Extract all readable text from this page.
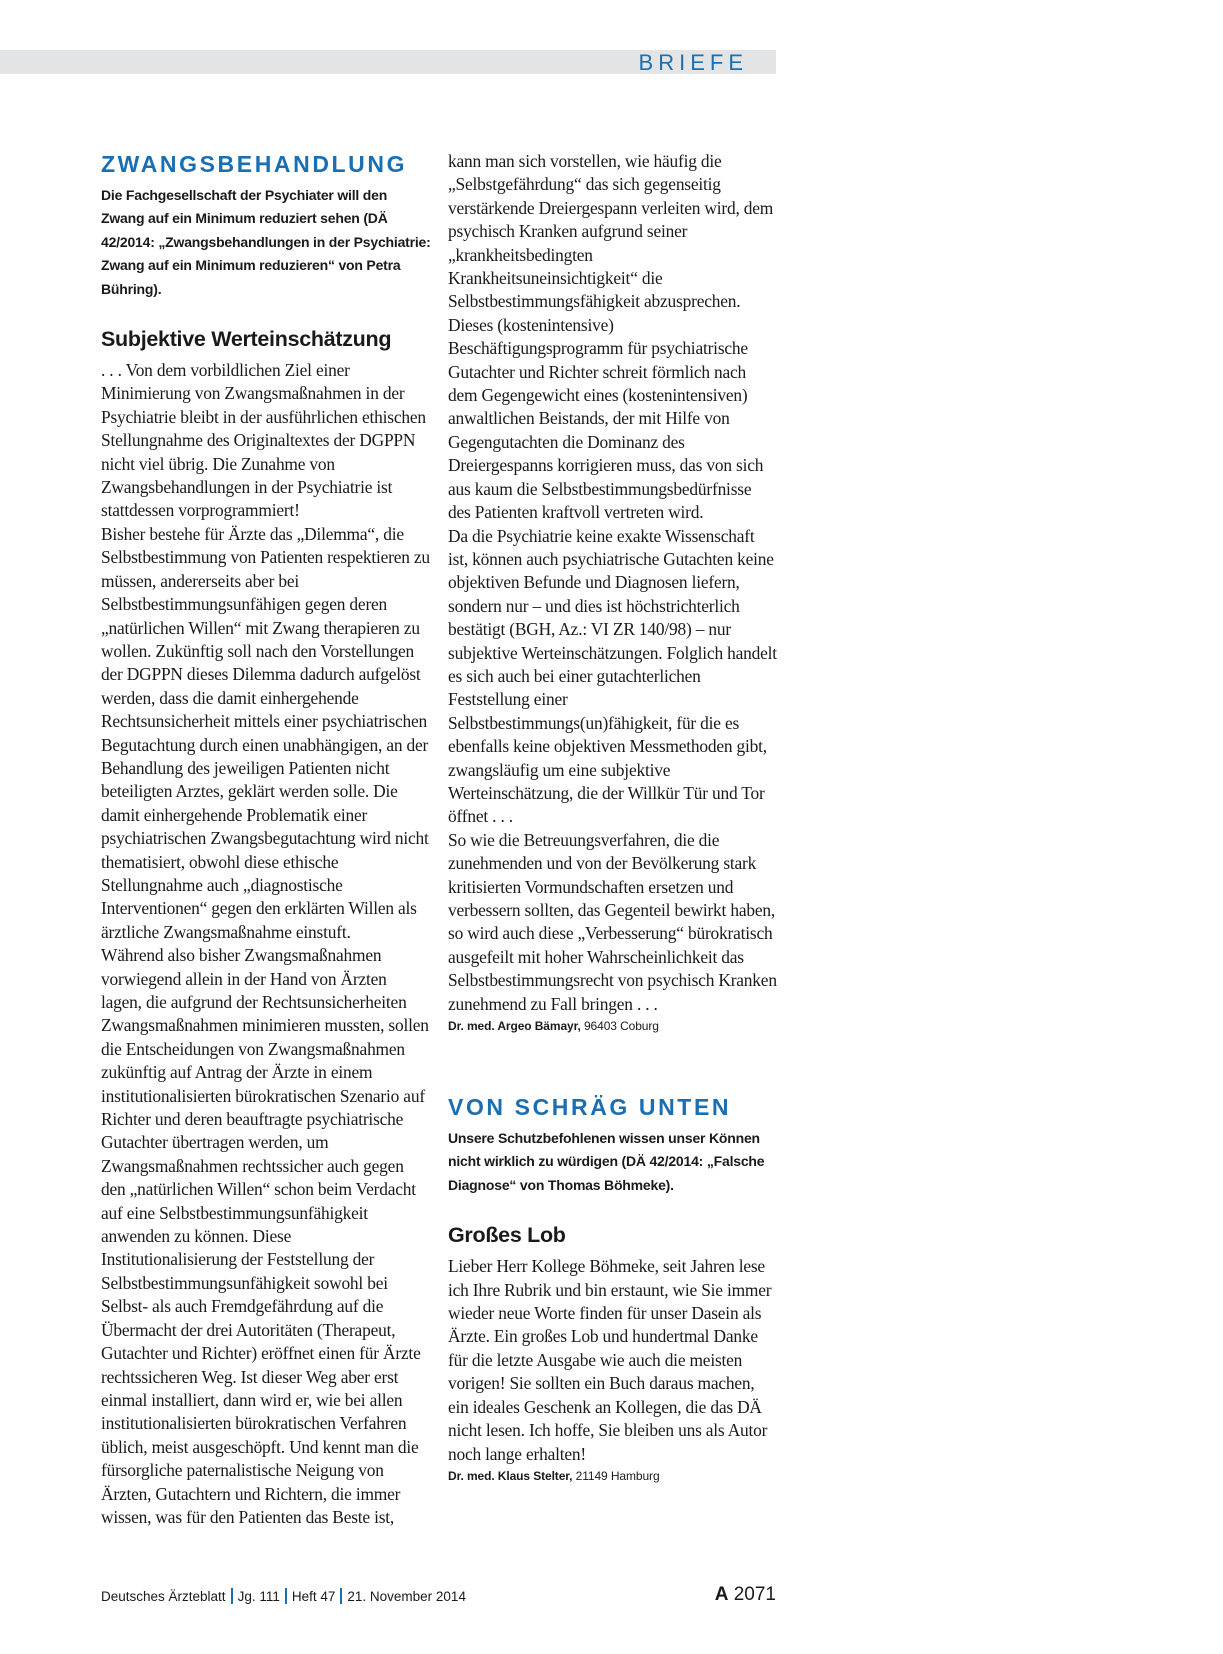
BRIEFE
ZWANGSBEHANDLUNG
Die Fachgesellschaft der Psychiater will den Zwang auf ein Minimum reduziert sehen (DÄ 42/2014: „Zwangsbehandlungen in der Psychiatrie: Zwang auf ein Minimum reduzieren“ von Petra Bühring).
Subjektive Werteinschätzung

. . . Von dem vorbildlichen Ziel einer Minimierung von Zwangsmaßnahmen in der Psychiatrie bleibt in der ausführlichen ethischen Stellungnahme des Originaltextes der DGPPN nicht viel übrig. Die Zunahme von Zwangsbehandlungen in der Psychiatrie ist stattdessen vorprogrammiert!

Bisher bestehe für Ärzte das „Dilemma“, die Selbstbestimmung von Patienten respektieren zu müssen, andererseits aber bei Selbstbestimmungsunfähigen gegen deren „natürlichen Willen“ mit Zwang therapieren zu wollen. Zukünftig soll nach den Vorstellungen der DGPPN dieses Dilemma dadurch aufgelöst werden, dass die damit einhergehende Rechtsunsicherheit mittels einer psychiatrischen Begutachtung durch einen unabhängigen, an der Behandlung des jeweiligen Patienten nicht beteiligten Arztes, geklärt werden solle. Die damit einhergehende Problematik einer psychiatrischen Zwangsbegutachtung wird nicht thematisiert, obwohl diese ethische Stellungnahme auch „diagnostische Interventionen“ gegen den erklärten Willen als ärztliche Zwangsmaßnahme einstuft.

Während also bisher Zwangsmaßnahmen vorwiegend allein in der Hand von Ärzten lagen, die aufgrund der Rechtsunsicherheiten Zwangsmaßnahmen minimieren mussten, sollen die Entscheidungen von Zwangsmaßnahmen zukünftig auf Antrag der Ärzte in einem institutionalisierten bürokratischen Szenario auf Richter und deren beauftragte psychiatrische Gutachter übertragen werden, um Zwangsmaßnahmen rechtssicher auch gegen den „natürlichen Willen“ schon beim Verdacht auf eine Selbstbestimmungsunfähigkeit anwenden zu können. Diese Institutionalisierung der Feststellung der Selbstbestimmungsunfähigkeit sowohl bei Selbst- als auch Fremdgefährdung auf die Übermacht der drei Autoritäten (Therapeut, Gutachter und Richter) eröffnet einen für Ärzte rechtssicheren Weg. Ist dieser Weg aber erst einmal installiert, dann wird er, wie bei allen institutionalisierten bürokratischen Verfahren üblich, meist ausgeschöpft. Und kennt man die fürsorgliche paternalistische Neigung von Ärzten, Gutachtern und Richtern, die immer wissen, was für den Patienten das Beste ist,

kann man sich vorstellen, wie häufig die „Selbstgefährdung“ das sich gegenseitig verstärkende Dreiergespann verleiten wird, dem psychisch Kranken aufgrund seiner „krankheitsbedingten Krankheitsuneinsichtigkeit“ die Selbstbestimmungsfähigkeit abzusprechen. Dieses (kostenintensive) Beschäftigungsprogramm für psychiatrische Gutachter und Richter schreit förmlich nach dem Gegengewicht eines (kostenintensiven) anwaltlichen Beistands, der mit Hilfe von Gegengutachten die Dominanz des Dreiergespanns korrigieren muss, das von sich aus kaum die Selbstbestimmungsbedürfnisse des Patienten kraftvoll vertreten wird.

Da die Psychiatrie keine exakte Wissenschaft ist, können auch psychiatrische Gutachten keine objektiven Befunde und Diagnosen liefern, sondern nur – und dies ist höchstrichterlich bestätigt (BGH, Az.: VI ZR 140/98) – nur subjektive Werteinschätzungen. Folglich handelt es sich auch bei einer gutachterlichen Feststellung einer Selbstbestimmungs(un)fähigkeit, für die es ebenfalls keine objektiven Messmethoden gibt, zwangsläufig um eine subjektive Werteinschätzung, die der Willkür Tür und Tor öffnet . . .

So wie die Betreuungsverfahren, die die zunehmenden und von der Bevölkerung stark kritisierten Vormundschaften ersetzen und verbessern sollten, das Gegenteil bewirkt haben, so wird auch diese „Verbesserung“ bürokratisch ausgefeilt mit hoher Wahrscheinlichkeit das Selbstbestimmungsrecht von psychisch Kranken zunehmend zu Fall bringen . . .

Dr. med. Argeo Bämayr, 96403 Coburg
VON SCHRÄG UNTEN
Unsere Schutzbefohlenen wissen unser Können nicht wirklich zu würdigen (DÄ 42/2014: „Falsche Diagnose“ von Thomas Böhmeke).
Großes Lob

Lieber Herr Kollege Böhmeke, seit Jahren lese ich Ihre Rubrik und bin erstaunt, wie Sie immer wieder neue Worte finden für unser Dasein als Ärzte. Ein großes Lob und hundertmal Danke für die letzte Ausgabe wie auch die meisten vorigen! Sie sollten ein Buch daraus machen, ein ideales Geschenk an Kollegen, die das DÄ nicht lesen. Ich hoffe, Sie bleiben uns als Autor noch lange erhalten!

Dr. med. Klaus Stelter, 21149 Hamburg
Deutsches Ärzteblatt Jg. 111 Heft 47 21. November 2014	A 2071
